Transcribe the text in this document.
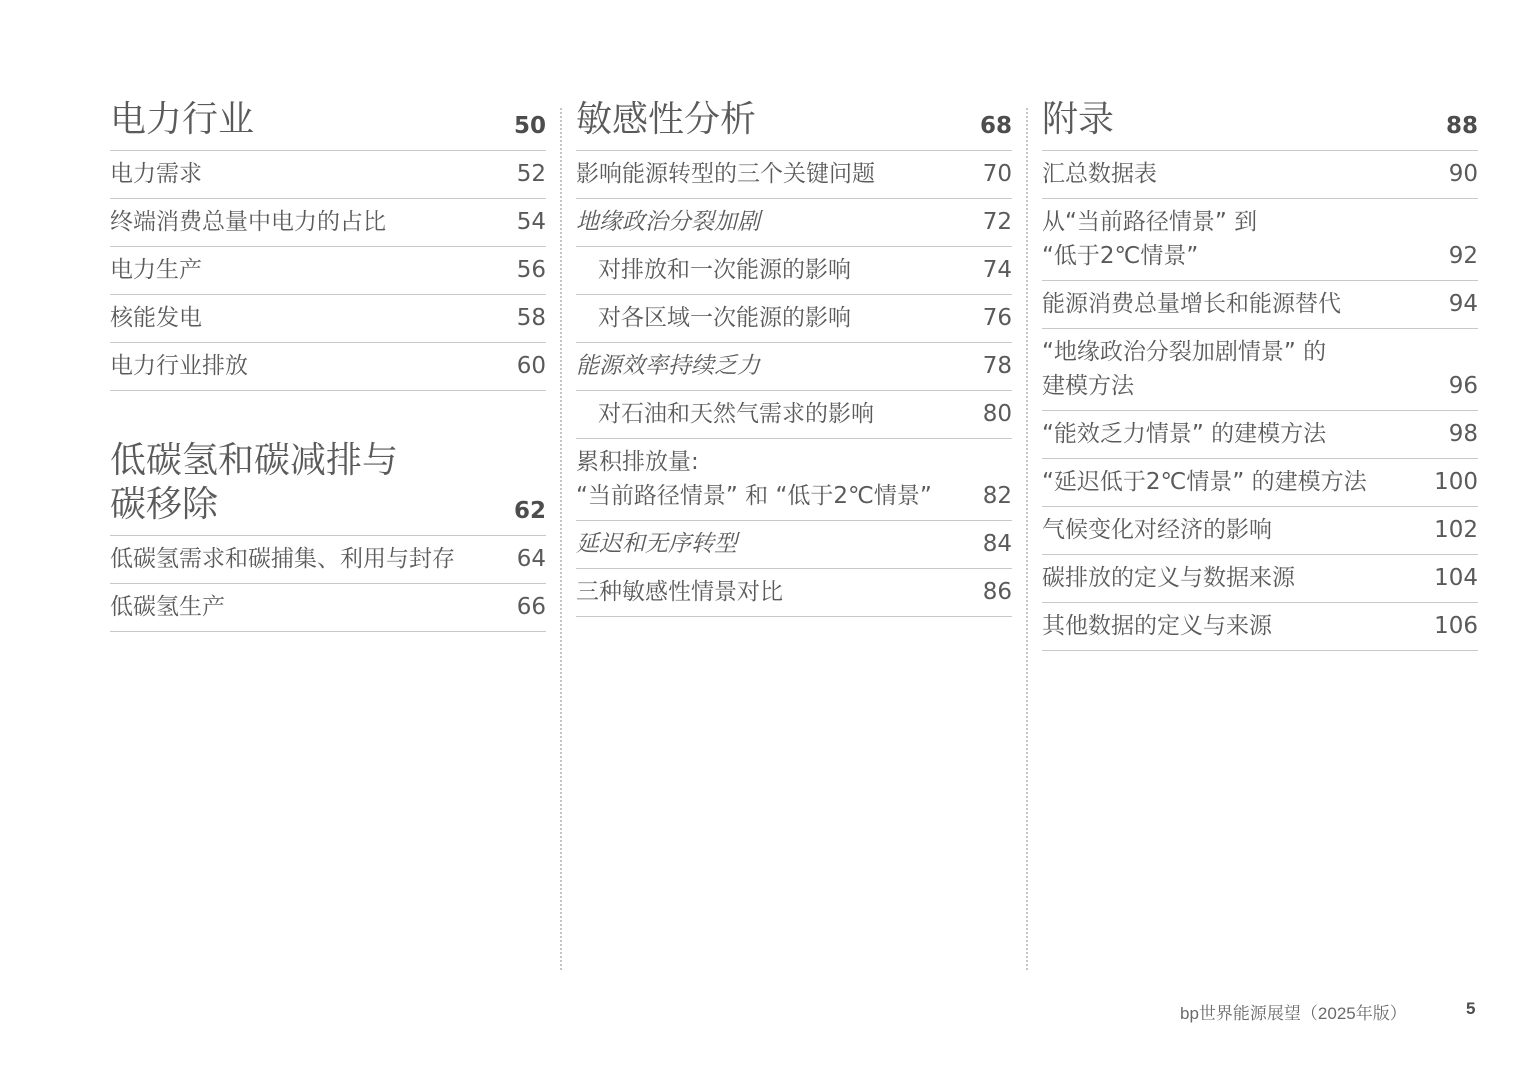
电力行业	50
电力需求	52
终端消费总量中电力的占比	54
电力生产	56
核能发电	58
电力行业排放	60
低碳氢和碳减排与
碳移除	62
低碳氢需求和碳捕集、利用与封存	64
低碳氢生产	66
敏感性分析	68
影响能源转型的三个关键问题	70
地缘政治分裂加剧	72
对排放和一次能源的影响	74
对各区域一次能源的影响	76
能源效率持续乏力	78
对石油和天然气需求的影响	80
累积排放量:
“当前路径情景” 和 “低于2℃情景”	82
延迟和无序转型	84
三种敏感性情景对比	86
附录	88
汇总数据表	90
从“当前路径情景” 到
“低于2℃情景”	92
能源消费总量增长和能源替代	94
“地缘政治分裂加剧情景” 的
建模方法	96
“能效乏力情景” 的建模方法	98
“延迟低于2℃情景” 的建模方法	100
气候变化对经济的影响	102
碳排放的定义与数据来源	104
其他数据的定义与来源	106
bp世界能源展望（2025年版）	5
